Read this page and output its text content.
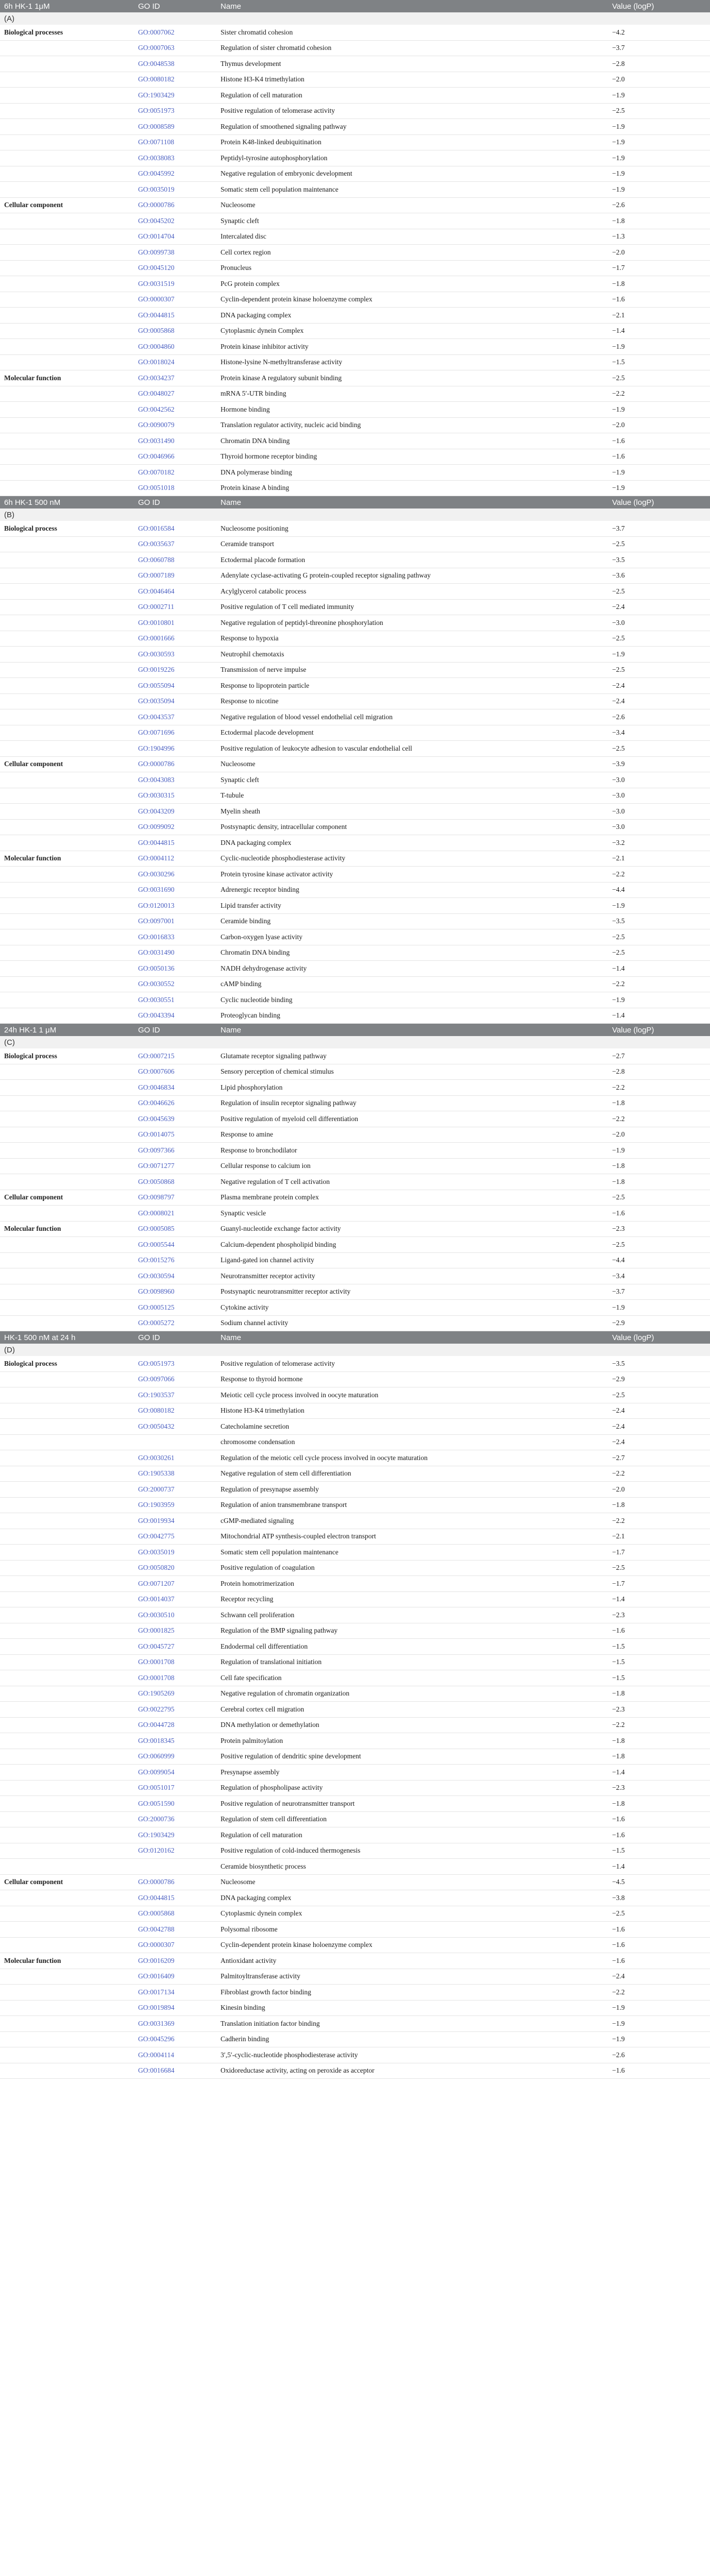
6h HK-1 1μM	GO ID	Name	Value (logP)
(A)			
Biological processes	GO:0007062	Sister chromatid cohesion	−4.2
	GO:0007063	Regulation of sister chromatid cohesion	−3.7
	GO:0048538	Thymus development	−2.8
	GO:0080182	Histone H3-K4 trimethylation	−2.0
	GO:1903429	Regulation of cell maturation	−1.9
	GO:0051973	Positive regulation of telomerase activity	−2.5
	GO:0008589	Regulation of smoothened signaling pathway	−1.9
	GO:0071108	Protein K48-linked deubiquitination	−1.9
	GO:0038083	Peptidyl-tyrosine autophosphorylation	−1.9
	GO:0045992	Negative regulation of embryonic development	−1.9
	GO:0035019	Somatic stem cell population maintenance	−1.9
Cellular component	GO:0000786	Nucleosome	−2.6
	GO:0045202	Synaptic cleft	−1.8
	GO:0014704	Intercalated disc	−1.3
	GO:0099738	Cell cortex region	−2.0
	GO:0045120	Pronucleus	−1.7
	GO:0031519	PcG protein complex	−1.8
	GO:0000307	Cyclin-dependent protein kinase holoenzyme complex	−1.6
	GO:0044815	DNA packaging complex	−2.1
	GO:0005868	Cytoplasmic dynein Complex	−1.4
	GO:0004860	Protein kinase inhibitor activity	−1.9
	GO:0018024	Histone-lysine N-methyltransferase activity	−1.5
Molecular function	GO:0034237	Protein kinase A regulatory subunit binding	−2.5
	GO:0048027	mRNA 5′-UTR binding	−2.2
	GO:0042562	Hormone binding	−1.9
	GO:0090079	Translation regulator activity, nucleic acid binding	−2.0
	GO:0031490	Chromatin DNA binding	−1.6
	GO:0046966	Thyroid hormone receptor binding	−1.6
	GO:0070182	DNA polymerase binding	−1.9
	GO:0051018	Protein kinase A binding	−1.9
6h HK-1 500 nM	GO ID	Name	Value (logP)
(B)			
Biological process	GO:0016584	Nucleosome positioning	−3.7
	GO:0035637	Ceramide transport	−2.5
	GO:0060788	Ectodermal placode formation	−3.5
	GO:0007189	Adenylate cyclase-activating G protein-coupled receptor signaling pathway	−3.6
	GO:0046464	Acylglycerol catabolic process	−2.5
	GO:0002711	Positive regulation of T cell mediated immunity	−2.4
	GO:0010801	Negative regulation of peptidyl-threonine phosphorylation	−3.0
	GO:0001666	Response to hypoxia	−2.5
	GO:0030593	Neutrophil chemotaxis	−1.9
	GO:0019226	Transmission of nerve impulse	−2.5
	GO:0055094	Response to lipoprotein particle	−2.4
	GO:0035094	Response to nicotine	−2.4
	GO:0043537	Negative regulation of blood vessel endothelial cell migration	−2.6
	GO:0071696	Ectodermal placode development	−3.4
	GO:1904996	Positive regulation of leukocyte adhesion to vascular endothelial cell	−2.5
Cellular component	GO:0000786	Nucleosome	−3.9
	GO:0043083	Synaptic cleft	−3.0
	GO:0030315	T-tubule	−3.0
	GO:0043209	Myelin sheath	−3.0
	GO:0099092	Postsynaptic density, intracellular component	−3.0
	GO:0044815	DNA packaging complex	−3.2
Molecular function	GO:0004112	Cyclic-nucleotide phosphodiesterase activity	−2.1
	GO:0030296	Protein tyrosine kinase activator activity	−2.2
	GO:0031690	Adrenergic receptor binding	−4.4
	GO:0120013	Lipid transfer activity	−1.9
	GO:0097001	Ceramide binding	−3.5
	GO:0016833	Carbon-oxygen lyase activity	−2.5
	GO:0031490	Chromatin DNA binding	−2.5
	GO:0050136	NADH dehydrogenase activity	−1.4
	GO:0030552	cAMP binding	−2.2
	GO:0030551	Cyclic nucleotide binding	−1.9
	GO:0043394	Proteoglycan binding	−1.4
24h HK-1 1 μM	GO ID	Name	Value (logP)
(C)			
Biological process	GO:0007215	Glutamate receptor signaling pathway	−2.7
	GO:0007606	Sensory perception of chemical stimulus	−2.8
	GO:0046834	Lipid phosphorylation	−2.2
	GO:0046626	Regulation of insulin receptor signaling pathway	−1.8
	GO:0045639	Positive regulation of myeloid cell differentiation	−2.2
	GO:0014075	Response to amine	−2.0
	GO:0097366	Response to bronchodilator	−1.9
	GO:0071277	Cellular response to calcium ion	−1.8
	GO:0050868	Negative regulation of T cell activation	−1.8
Cellular component	GO:0098797	Plasma membrane protein complex	−2.5
	GO:0008021	Synaptic vesicle	−1.6
Molecular function	GO:0005085	Guanyl-nucleotide exchange factor activity	−2.3
	GO:0005544	Calcium-dependent phospholipid binding	−2.5
	GO:0015276	Ligand-gated ion channel activity	−4.4
	GO:0030594	Neurotransmitter receptor activity	−3.4
	GO:0098960	Postsynaptic neurotransmitter receptor activity	−3.7
	GO:0005125	Cytokine activity	−1.9
	GO:0005272	Sodium channel activity	−2.9
HK-1 500 nM at 24 h	GO ID	Name	Value (logP)
(D)			
Biological process	GO:0051973	Positive regulation of telomerase activity	−3.5
	GO:0097066	Response to thyroid hormone	−2.9
	GO:1903537	Meiotic cell cycle process involved in oocyte maturation	−2.5
	GO:0080182	Histone H3-K4 trimethylation	−2.4
	GO:0050432	Catecholamine secretion	−2.4
		chromosome condensation	−2.4
	GO:0030261	Regulation of the meiotic cell cycle process involved in oocyte maturation	−2.7
	GO:1905338	Negative regulation of stem cell differentiation	−2.2
	GO:2000737	Regulation of presynapse assembly	−2.0
	GO:1903959	Regulation of anion transmembrane transport	−1.8
	GO:0019934	cGMP-mediated signaling	−2.2
	GO:0042775	Mitochondrial ATP synthesis-coupled electron transport	−2.1
	GO:0035019	Somatic stem cell population maintenance	−1.7
	GO:0050820	Positive regulation of coagulation	−2.5
	GO:0071207	Protein homotrimerization	−1.7
	GO:0014037	Receptor recycling	−1.4
	GO:0030510	Schwann cell proliferation	−2.3
	GO:0001825	Regulation of the BMP signaling pathway	−1.6
	GO:0045727	Endodermal cell differentiation	−1.5
	GO:0001708	Regulation of translational initiation	−1.5
	GO:0001708	Cell fate specification	−1.5
	GO:1905269	Negative regulation of chromatin organization	−1.8
	GO:0022795	Cerebral cortex cell migration	−2.3
	GO:0044728	DNA methylation or demethylation	−2.2
	GO:0018345	Protein palmitoylation	−1.8
	GO:0060999	Positive regulation of dendritic spine development	−1.8
	GO:0099054	Presynapse assembly	−1.4
	GO:0051017	Regulation of phospholipase activity	−2.3
	GO:0051590	Positive regulation of neurotransmitter transport	−1.8
	GO:2000736	Regulation of stem cell differentiation	−1.6
	GO:1903429	Regulation of cell maturation	−1.6
	GO:0120162	Positive regulation of cold-induced thermogenesis	−1.5
		Ceramide biosynthetic process	−1.4
Cellular component	GO:0000786	Nucleosome	−4.5
	GO:0044815	DNA packaging complex	−3.8
	GO:0005868	Cytoplasmic dynein complex	−2.5
	GO:0042788	Polysomal ribosome	−1.6
	GO:0000307	Cyclin-dependent protein kinase holoenzyme complex	−1.6
Molecular function	GO:0016209	Antioxidant activity	−1.6
	GO:0016409	Palmitoyltransferase activity	−2.4
	GO:0017134	Fibroblast growth factor binding	−2.2
	GO:0019894	Kinesin binding	−1.9
	GO:0031369	Translation initiation factor binding	−1.9
	GO:0045296	Cadherin binding	−1.9
	GO:0004114	3′,5′-cyclic-nucleotide phosphodiesterase activity	−2.6
	GO:0016684	Oxidoreductase activity, acting on peroxide as acceptor	−1.6
